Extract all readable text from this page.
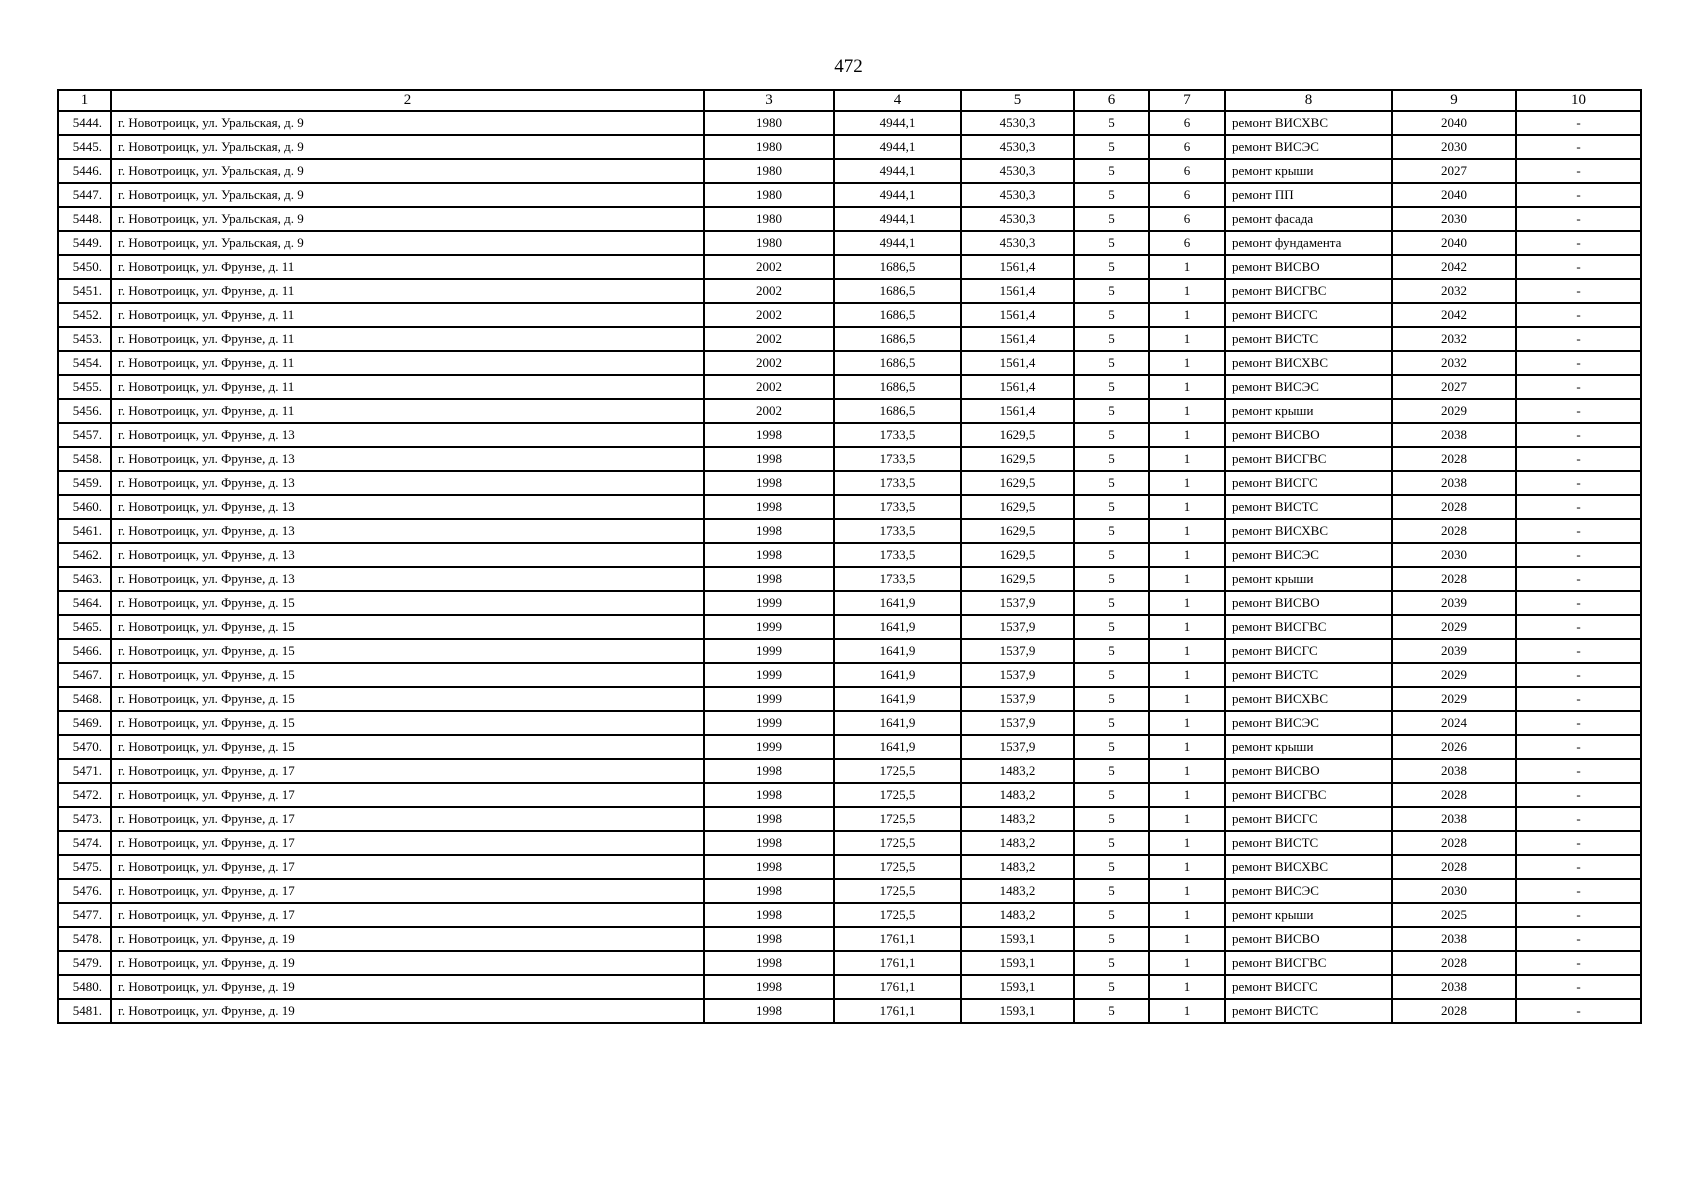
472
1	2	3	4	5	6	7	8	9	10
5444.	г. Новотроицк, ул. Уральская, д. 9	1980	4944,1	4530,3	5	6	ремонт ВИСХВС	2040	-
5445.	г. Новотроицк, ул. Уральская, д. 9	1980	4944,1	4530,3	5	6	ремонт ВИСЭС	2030	-
5446.	г. Новотроицк, ул. Уральская, д. 9	1980	4944,1	4530,3	5	6	ремонт крыши	2027	-
5447.	г. Новотроицк, ул. Уральская, д. 9	1980	4944,1	4530,3	5	6	ремонт ПП	2040	-
5448.	г. Новотроицк, ул. Уральская, д. 9	1980	4944,1	4530,3	5	6	ремонт фасада	2030	-
5449.	г. Новотроицк, ул. Уральская, д. 9	1980	4944,1	4530,3	5	6	ремонт фундамента	2040	-
5450.	г. Новотроицк, ул. Фрунзе, д. 11	2002	1686,5	1561,4	5	1	ремонт ВИСВО	2042	-
5451.	г. Новотроицк, ул. Фрунзе, д. 11	2002	1686,5	1561,4	5	1	ремонт ВИСГВС	2032	-
5452.	г. Новотроицк, ул. Фрунзе, д. 11	2002	1686,5	1561,4	5	1	ремонт ВИСГС	2042	-
5453.	г. Новотроицк, ул. Фрунзе, д. 11	2002	1686,5	1561,4	5	1	ремонт ВИСТС	2032	-
5454.	г. Новотроицк, ул. Фрунзе, д. 11	2002	1686,5	1561,4	5	1	ремонт ВИСХВС	2032	-
5455.	г. Новотроицк, ул. Фрунзе, д. 11	2002	1686,5	1561,4	5	1	ремонт ВИСЭС	2027	-
5456.	г. Новотроицк, ул. Фрунзе, д. 11	2002	1686,5	1561,4	5	1	ремонт крыши	2029	-
5457.	г. Новотроицк, ул. Фрунзе, д. 13	1998	1733,5	1629,5	5	1	ремонт ВИСВО	2038	-
5458.	г. Новотроицк, ул. Фрунзе, д. 13	1998	1733,5	1629,5	5	1	ремонт ВИСГВС	2028	-
5459.	г. Новотроицк, ул. Фрунзе, д. 13	1998	1733,5	1629,5	5	1	ремонт ВИСГС	2038	-
5460.	г. Новотроицк, ул. Фрунзе, д. 13	1998	1733,5	1629,5	5	1	ремонт ВИСТС	2028	-
5461.	г. Новотроицк, ул. Фрунзе, д. 13	1998	1733,5	1629,5	5	1	ремонт ВИСХВС	2028	-
5462.	г. Новотроицк, ул. Фрунзе, д. 13	1998	1733,5	1629,5	5	1	ремонт ВИСЭС	2030	-
5463.	г. Новотроицк, ул. Фрунзе, д. 13	1998	1733,5	1629,5	5	1	ремонт крыши	2028	-
5464.	г. Новотроицк, ул. Фрунзе, д. 15	1999	1641,9	1537,9	5	1	ремонт ВИСВО	2039	-
5465.	г. Новотроицк, ул. Фрунзе, д. 15	1999	1641,9	1537,9	5	1	ремонт ВИСГВС	2029	-
5466.	г. Новотроицк, ул. Фрунзе, д. 15	1999	1641,9	1537,9	5	1	ремонт ВИСГС	2039	-
5467.	г. Новотроицк, ул. Фрунзе, д. 15	1999	1641,9	1537,9	5	1	ремонт ВИСТС	2029	-
5468.	г. Новотроицк, ул. Фрунзе, д. 15	1999	1641,9	1537,9	5	1	ремонт ВИСХВС	2029	-
5469.	г. Новотроицк, ул. Фрунзе, д. 15	1999	1641,9	1537,9	5	1	ремонт ВИСЭС	2024	-
5470.	г. Новотроицк, ул. Фрунзе, д. 15	1999	1641,9	1537,9	5	1	ремонт крыши	2026	-
5471.	г. Новотроицк, ул. Фрунзе, д. 17	1998	1725,5	1483,2	5	1	ремонт ВИСВО	2038	-
5472.	г. Новотроицк, ул. Фрунзе, д. 17	1998	1725,5	1483,2	5	1	ремонт ВИСГВС	2028	-
5473.	г. Новотроицк, ул. Фрунзе, д. 17	1998	1725,5	1483,2	5	1	ремонт ВИСГС	2038	-
5474.	г. Новотроицк, ул. Фрунзе, д. 17	1998	1725,5	1483,2	5	1	ремонт ВИСТС	2028	-
5475.	г. Новотроицк, ул. Фрунзе, д. 17	1998	1725,5	1483,2	5	1	ремонт ВИСХВС	2028	-
5476.	г. Новотроицк, ул. Фрунзе, д. 17	1998	1725,5	1483,2	5	1	ремонт ВИСЭС	2030	-
5477.	г. Новотроицк, ул. Фрунзе, д. 17	1998	1725,5	1483,2	5	1	ремонт крыши	2025	-
5478.	г. Новотроицк, ул. Фрунзе, д. 19	1998	1761,1	1593,1	5	1	ремонт ВИСВО	2038	-
5479.	г. Новотроицк, ул. Фрунзе, д. 19	1998	1761,1	1593,1	5	1	ремонт ВИСГВС	2028	-
5480.	г. Новотроицк, ул. Фрунзе, д. 19	1998	1761,1	1593,1	5	1	ремонт ВИСГС	2038	-
5481.	г. Новотроицк, ул. Фрунзе, д. 19	1998	1761,1	1593,1	5	1	ремонт ВИСТС	2028	-
